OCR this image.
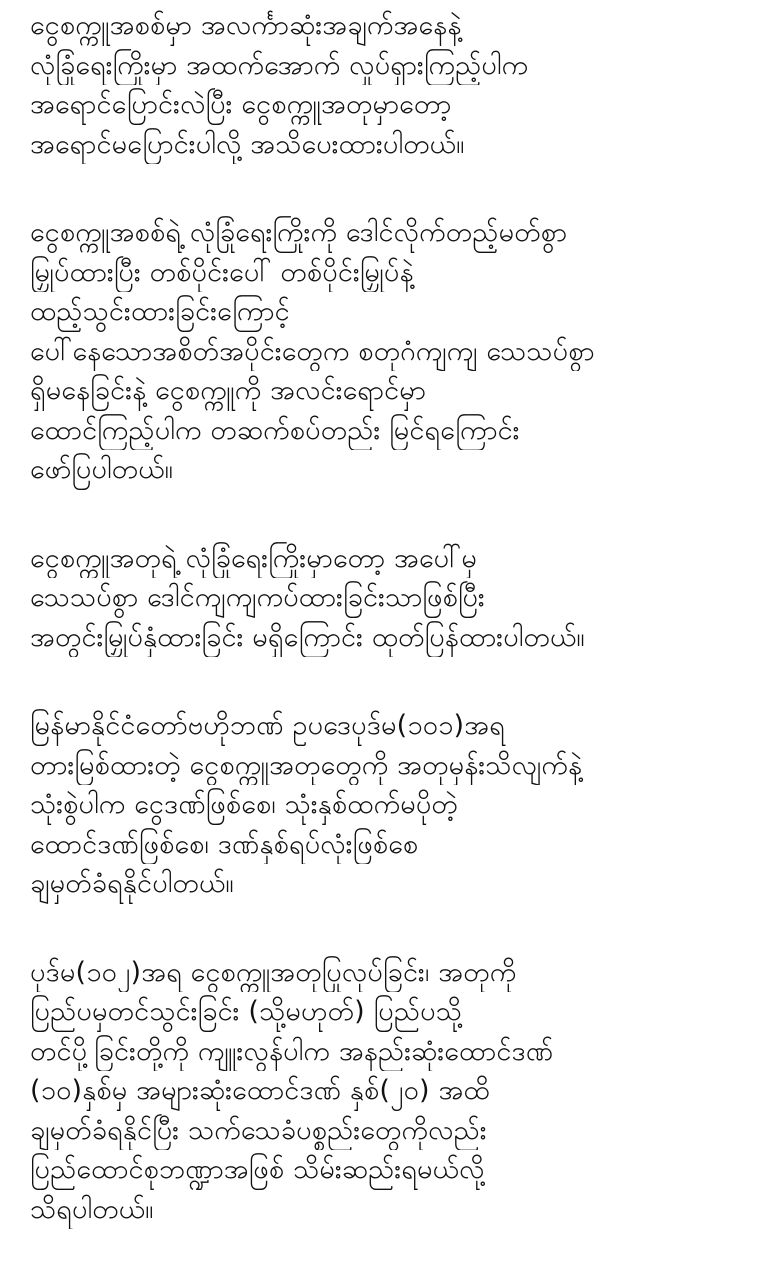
ငွေစက္ကူအစစ်မှာ အလင်္ကာဆုံးအချက်အနေနဲ့
လုံခြုံရေးကြိုးမှာ အထက်အောက် လှုပ်ရှားကြည့်ပါက
အရောင်ပြောင်းလဲပြီး ငွေစက္ကူအတုမှာတော့
အရောင်မပြောင်းပါလို့ အသိပေးထားပါတယ်။
ငွေစက္ကူအစစ်ရဲ့ လုံခြုံရေးကြိုးကို ဒေါင်လိုက်တည့်မတ်စွာ
မြှုပ်ထားပြီး တစ်ပိုင်းပေါ် တစ်ပိုင်းမြှုပ်နဲ့
ထည့်သွင်းထားခြင်းကြောင့်
ပေါ်နေသောအစိတ်အပိုင်းတွေက စတုဂံကျကျ သေသပ်စွာ
ရှိမနေခြင်းနဲ့ ငွေစက္ကူကို အလင်းရောင်မှာ
ထောင်ကြည့်ပါက တဆက်စပ်တည်း မြင်ရကြောင်း
ဖော်ပြပါတယ်။
ငွေစက္ကူအတုရဲ့ လုံခြုံရေးကြိုးမှာတော့ အပေါ်မှ
သေသပ်စွာ ဒေါင်ကျကျကပ်ထားခြင်းသာဖြစ်ပြီး
အတွင်းမြှုပ်နှံထားခြင်း မရှိကြောင်း ထုတ်ပြန်ထားပါတယ်။
မြန်မာနိုင်ငံတော်ဗဟိုဘဏ် ဥပဒေပုဒ်မ(၁၀၁)အရ
တားမြစ်ထားတဲ့ ငွေစက္ကူအတုတွေကို အတုမှန်းသိလျက်နဲ့
သုံးစွဲပါက ငွေဒဏ်ဖြစ်စေ၊ သုံးနှစ်ထက်မပိုတဲ့
ထောင်ဒဏ်ဖြစ်စေ၊ ဒဏ်နှစ်ရပ်လုံးဖြစ်စေ
ချမှတ်ခံရနိုင်ပါတယ်။
ပုဒ်မ(၁၀၂)အရ ငွေစက္ကူအတုပြုလုပ်ခြင်း၊ အတုကို
ပြည်ပမှတင်သွင်းခြင်း (သို့မဟုတ်) ပြည်ပသို့
တင်ပို့ခြင်းတို့ကို ကျူးလွန်ပါက အနည်းဆုံးထောင်ဒဏ်
(၁၀)နှစ်မှ အများဆုံးထောင်ဒဏ် နှစ်(၂၀) အထိ
ချမှတ်ခံရနိုင်ပြီး သက်သေခံပစ္စည်းတွေကိုလည်း
ပြည်ထောင်စုဘဏ္ဍာအဖြစ် သိမ်းဆည်းရမယ်လို့
သိရပါတယ်။
